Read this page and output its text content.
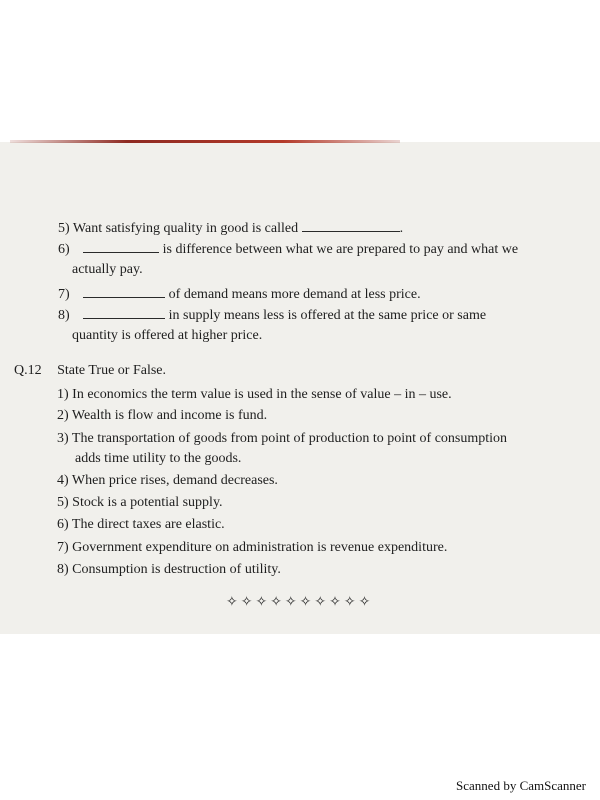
5) Want satisfying quality in good is called	.
6)	is difference between what we are prepared to pay and what we
actually pay.
7)	of demand means more demand at less price.
8)	in supply means less is offered at the same price or same
quantity is offered at higher price.
Q.12 State True or False.
1) In economics the term value is used in the sense of value – in – use.
2) Wealth is flow and income is fund.
3) The transportation of goods from point of production to point of consumption
adds time utility to the goods.
4) When price rises, demand decreases.
5) Stock is a potential supply.
6) The direct taxes are elastic.
7) Government expenditure on administration is revenue expenditure.
8) Consumption is destruction of utility.
✧✧✧✧✧✧✧✧✧✧
Scanned by CamScanner
